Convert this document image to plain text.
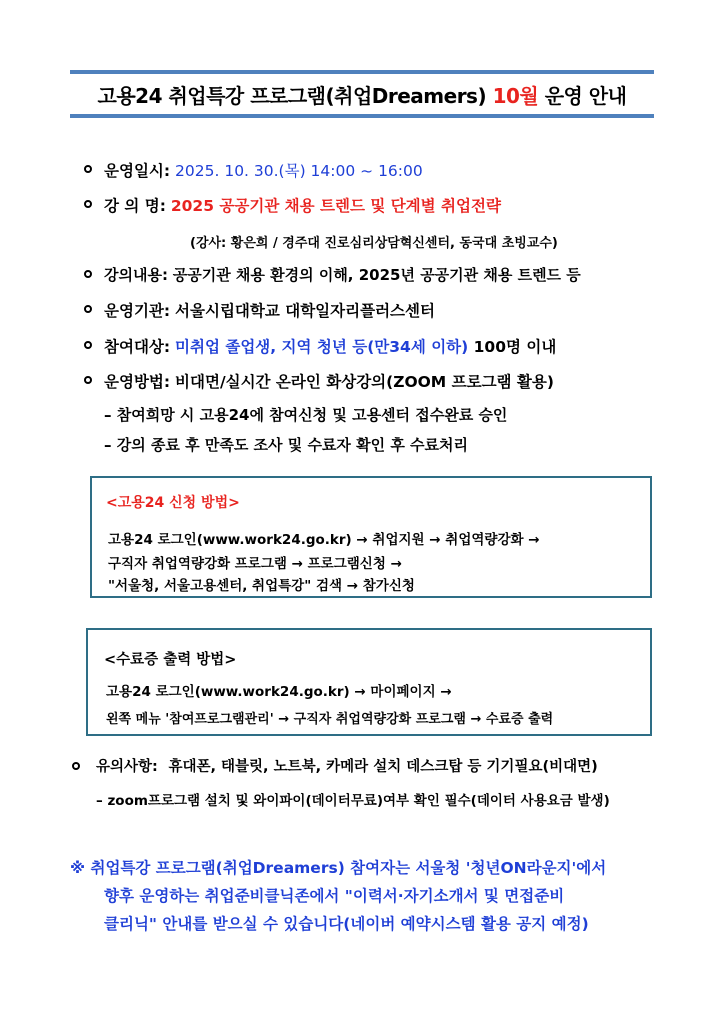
고용24 취업특강 프로그램(취업Dreamers) 10월 운영 안내
운영일시: 2025. 10. 30.(목) 14:00 ~ 16:00
강 의 명: 2025 공공기관 채용 트렌드 및 단계별 취업전략
(강사: 황은희 / 경주대 진로심리상담혁신센터, 동국대 초빙교수)
강의내용: 공공기관 채용 환경의 이해, 2025년 공공기관 채용 트렌드 등
운영기관: 서울시립대학교 대학일자리플러스센터
참여대상: 미취업 졸업생, 지역 청년 등(만34세 이하) 100명 이내
운영방법: 비대면/실시간 온라인 화상강의(ZOOM 프로그램 활용)
– 참여희망 시 고용24에 참여신청 및 고용센터 접수완료 승인
– 강의 종료 후 만족도 조사 및 수료자 확인 후 수료처리
<고용24 신청 방법>
고용24 로그인(www.work24.go.kr) → 취업지원 → 취업역량강화 →
구직자 취업역량강화 프로그램 → 프로그램신청 →
"서울청, 서울고용센터, 취업특강" 검색 → 참가신청
<수료증 출력 방법>
고용24 로그인(www.work24.go.kr) → 마이페이지 →
왼쪽 메뉴 '참여프로그램관리' → 구직자 취업역량강화 프로그램 → 수료증 출력
유의사항: 휴대폰, 태블릿, 노트북, 카메라 설치 데스크탑 등 기기필요(비대면)
– zoom프로그램 설치 및 와이파이(데이터무료)여부 확인 필수(데이터 사용요금 발생)
※ 취업특강 프로그램(취업Dreamers) 참여자는 서울청 '청년ON라운지'에서
향후 운영하는 취업준비클닉존에서 "이력서·자기소개서 및 면접준비
클리닉" 안내를 받으실 수 있습니다(네이버 예약시스템 활용 공지 예정)
